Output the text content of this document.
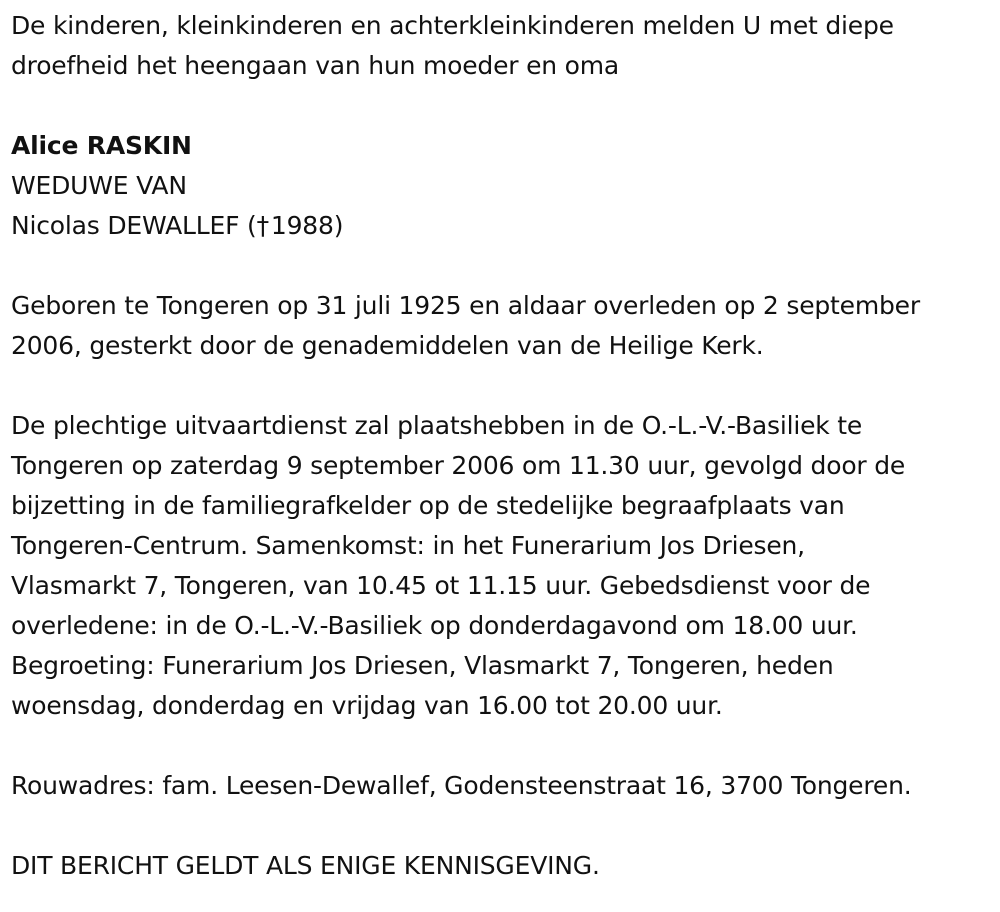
De kinderen, kleinkinderen en achterkleinkinderen melden U met diepe
droefheid het heengaan van hun moeder en oma

Alice RASKIN
WEDUWE VAN
Nicolas DEWALLEF (†1988)

Geboren te Tongeren op 31 juli 1925 en aldaar overleden op 2 september
2006, gesterkt door de genademiddelen van de Heilige Kerk.

De plechtige uitvaartdienst zal plaatshebben in de O.-L.-V.-Basiliek te
Tongeren op zaterdag 9 september 2006 om 11.30 uur, gevolgd door de
bijzetting in de familiegrafkelder op de stedelijke begraafplaats van
Tongeren-Centrum. Samenkomst: in het Funerarium Jos Driesen,
Vlasmarkt 7, Tongeren, van 10.45 ot 11.15 uur. Gebedsdienst voor de
overledene: in de O.-L.-V.-Basiliek op donderdagavond om 18.00 uur.
Begroeting: Funerarium Jos Driesen, Vlasmarkt 7, Tongeren, heden
woensdag, donderdag en vrijdag van 16.00 tot 20.00 uur.

Rouwadres: fam. Leesen-Dewallef, Godensteenstraat 16, 3700 Tongeren.

DIT BERICHT GELDT ALS ENIGE KENNISGEVING.
